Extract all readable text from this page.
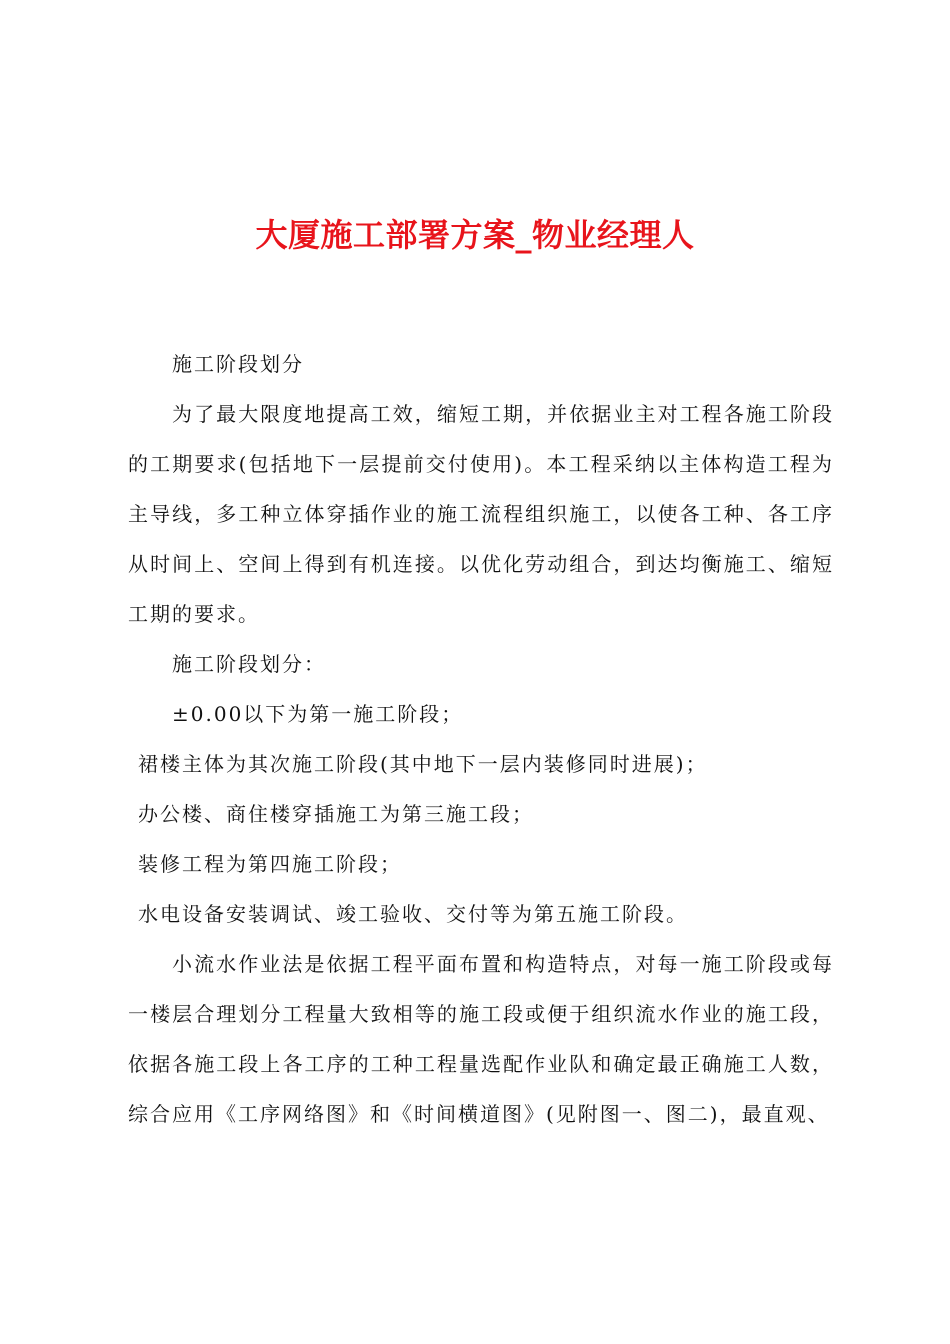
大厦施工部署方案_物业经理人

施工阶段划分

为了最大限度地提高工效，缩短工期，并依据业主对工程各施工阶段的工期要求(包括地下一层提前交付使用)。本工程采纳以主体构造工程为主导线，多工种立体穿插作业的施工流程组织施工，以使各工种、各工序从时间上、空间上得到有机连接。以优化劳动组合，到达均衡施工、缩短工期的要求。

施工阶段划分：

±0.00以下为第一施工阶段；

裙楼主体为其次施工阶段(其中地下一层内装修同时进展)；

办公楼、商住楼穿插施工为第三施工段；

装修工程为第四施工阶段；

水电设备安装调试、竣工验收、交付等为第五施工阶段。

小流水作业法是依据工程平面布置和构造特点，对每一施工阶段或每一楼层合理划分工程量大致相等的施工段或便于组织流水作业的施工段，依据各施工段上各工序的工种工程量选配作业队和确定最正确施工人数，综合应用《工序网络图》和《时间横道图》(见附图一、图二)，最直观、
